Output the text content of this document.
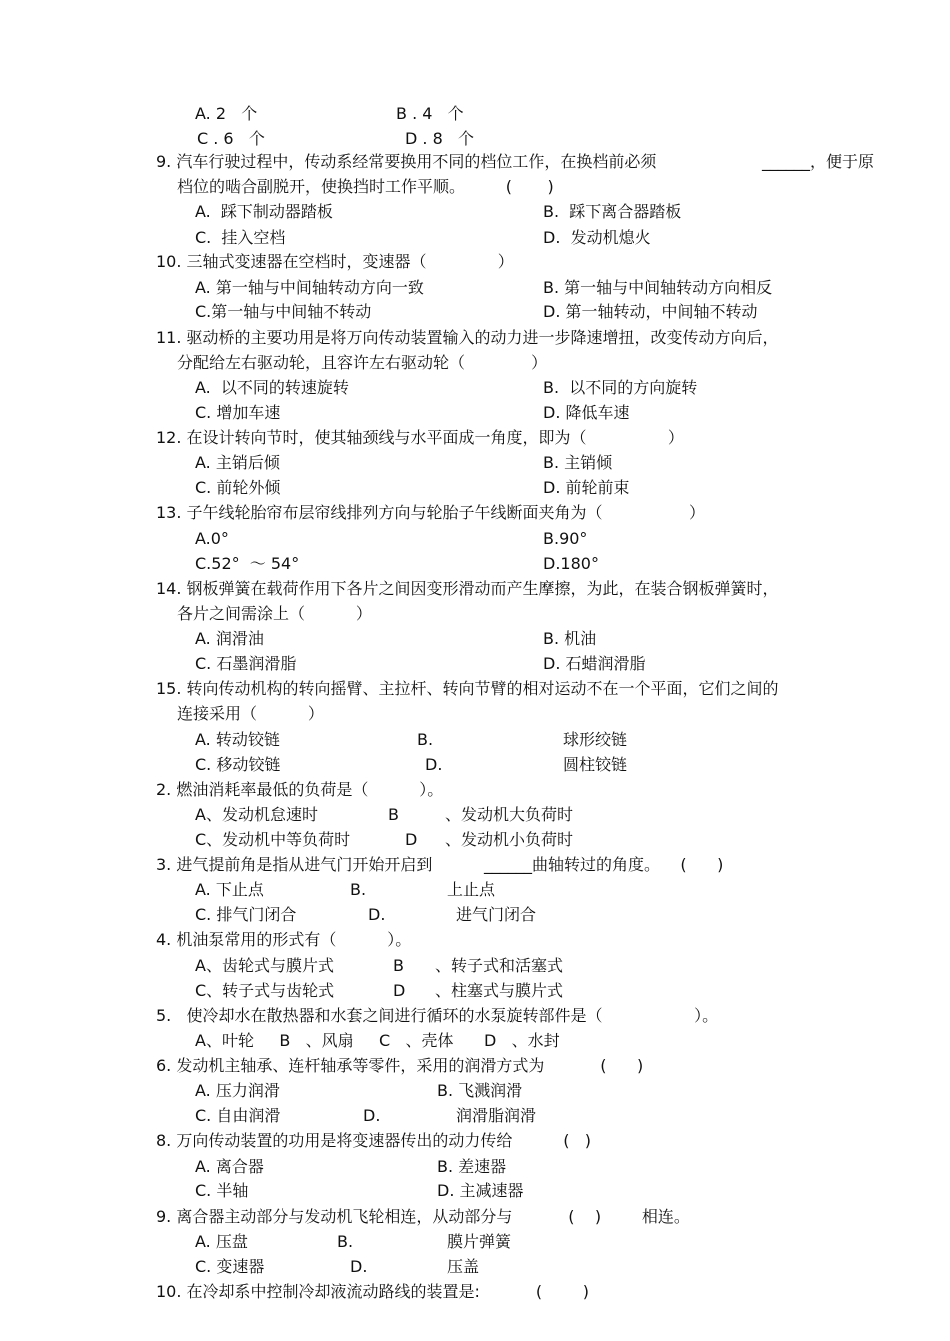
A. 2   个	B . 4   个
C . 6   个	D . 8   个
9. 汽车行驶过程中，传动系经常要换用不同的档位工作，在换档前必须	______，便于原
档位的啮合副脱开，使换挡时工作平顺。        (       )
A.  踩下制动器踏板	B.  踩下离合器踏板
C.  挂入空档	D.  发动机熄火
10. 三轴式变速器在空档时，变速器（              ）
A. 第一轴与中间轴转动方向一致	B. 第一轴与中间轴转动方向相反
C.第一轴与中间轴不转动	D. 第一轴转动，中间轴不转动
11. 驱动桥的主要功用是将万向传动装置输入的动力进一步降速增扭，改变传动方向后，
分配给左右驱动轮，且容许左右驱动轮（             ）
A.  以不同的转速旋转	B.  以不同的方向旋转
C. 增加车速	D. 降低车速
12. 在设计转向节时，使其轴颈线与水平面成一角度，即为（                ）
A. 主销后倾	B. 主销倾
C. 前轮外倾	D. 前轮前束
13. 子午线轮胎帘布层帘线排列方向与轮胎子午线断面夹角为（                 ）
A.0°	B.90°
C.52°  ～ 54°	D.180°
14. 钢板弹簧在载荷作用下各片之间因变形滑动而产生摩擦，为此，在装合钢板弹簧时，
各片之间需涂上（          ）
A. 润滑油	B. 机油
C. 石墨润滑脂	D. 石蜡润滑脂
15. 转向传动机构的转向摇臂、主拉杆、转向节臂的相对运动不在一个平面，它们之间的
连接采用（          ）
A. 转动铰链	B.	球形绞链
C. 移动铰链	D.	圆柱铰链
2. 燃油消耗率最低的负荷是（          ）。
A、发动机怠速时	B	、发动机大负荷时
C、发动机中等负荷时	D 、发动机小负荷时
3. 进气提前角是指从进气门开始开启到	______曲轴转过的角度。    (      )
A. 下止点	B.	上止点
C. 排气门闭合	D.	进气门闭合
4. 机油泵常用的形式有（          ）。
A、齿轮式与膜片式	B 、转子式和活塞式
C、转子式与齿轮式	D 、柱塞式与膜片式
5.   使冷却水在散热器和水套之间进行循环的水泵旋转部件是（                  ）。
A、叶轮     B   、风扇     C   、壳体      D   、水封
6. 发动机主轴承、连杆轴承等零件，采用的润滑方式为           (      )
A. 压力润滑	B. 飞溅润滑
C. 自由润滑	D.	润滑脂润滑
8. 万向传动装置的功用是将变速器传出的动力传给          (   )
A. 离合器	B. 差速器
C. 半轴	D. 主减速器
9. 离合器主动部分与发动机飞轮相连，从动部分与           (    )        相连。
A. 压盘	B.	膜片弹簧
C. 变速器	D.	压盖
10. 在冷却系中控制冷却液流动路线的装置是:           (        )
